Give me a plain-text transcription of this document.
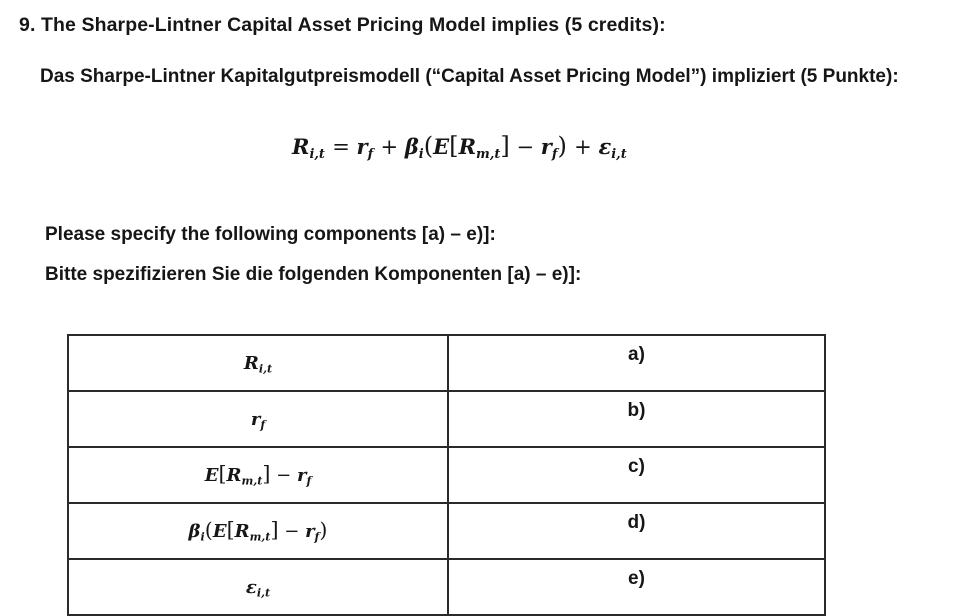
9. The Sharpe-Lintner Capital Asset Pricing Model implies (5 credits):
Das Sharpe-Lintner Kapitalgutpreismodell (“Capital Asset Pricing Model”) impliziert (5 Punkte):
$R_{i,t} = r_f + \beta_i(E[R_{m,t}] - r_f) + \varepsilon_{i,t}$
Please specify the following components [a) – e)]:
Bitte spezifizieren Sie die folgenden Komponenten [a) – e)]:
$R_{i,t}$	a)
$r_f$	b)
$E[R_{m,t}] - r_f$	c)
$\beta_i(E[R_{m,t}] - r_f)$	d)
$\varepsilon_{i,t}$	e)
